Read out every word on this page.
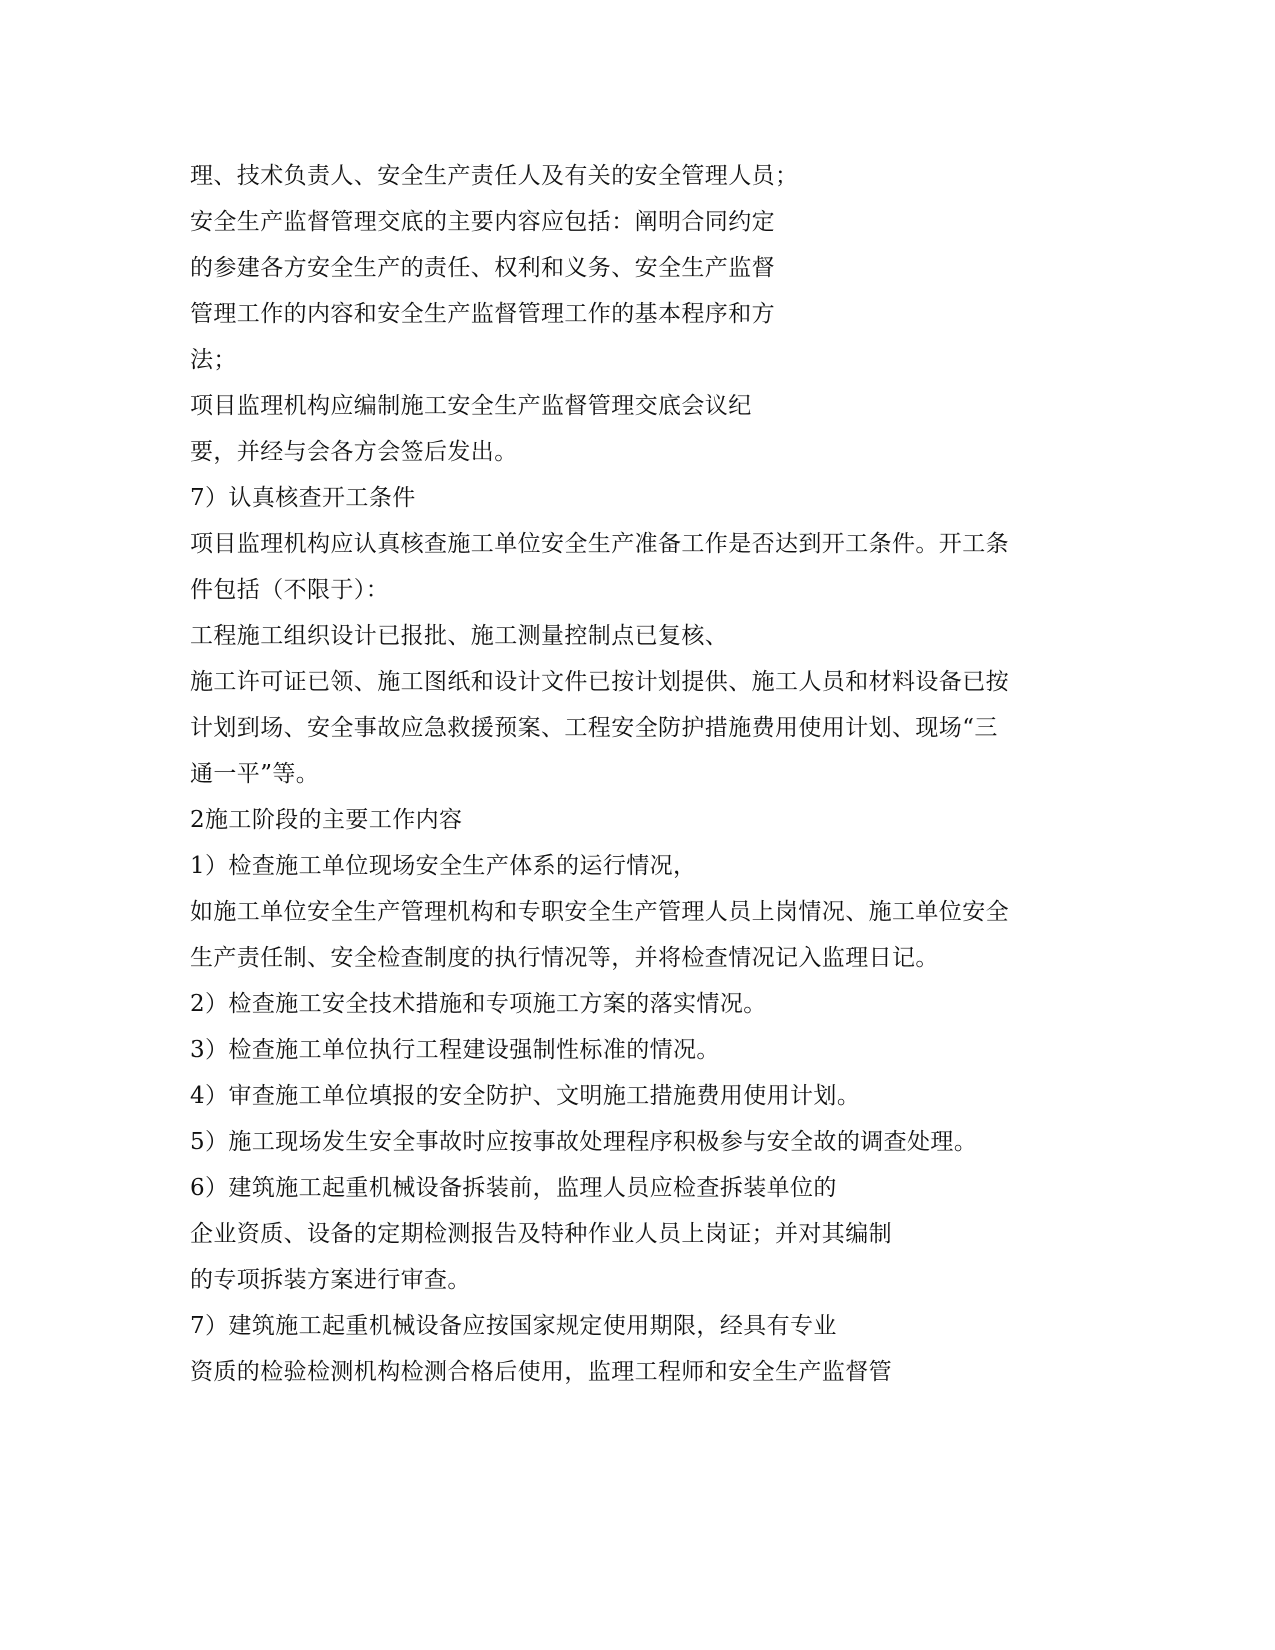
理、技术负责人、安全生产责任人及有关的安全管理人员；

安全生产监督管理交底的主要内容应包括：阐明合同约定

的参建各方安全生产的责任、权利和义务、安全生产监督

管理工作的内容和安全生产监督管理工作的基本程序和方

法；

项目监理机构应编制施工安全生产监督管理交底会议纪

要，并经与会各方会签后发出。

7）认真核查开工条件

项目监理机构应认真核查施工单位安全生产准备工作是否达到开工条件。开工条

件包括（不限于）：

工程施工组织设计已报批、施工测量控制点已复核、

施工许可证已领、施工图纸和设计文件已按计划提供、施工人员和材料设备已按

计划到场、安全事故应急救援预案、工程安全防护措施费用使用计划、现场“三

通一平”等。

2施工阶段的主要工作内容

1）检查施工单位现场安全生产体系的运行情况，

如施工单位安全生产管理机构和专职安全生产管理人员上岗情况、施工单位安全

生产责任制、安全检查制度的执行情况等，并将检查情况记入监理日记。

2）检查施工安全技术措施和专项施工方案的落实情况。

3）检查施工单位执行工程建设强制性标准的情况。

4）审查施工单位填报的安全防护、文明施工措施费用使用计划。

5）施工现场发生安全事故时应按事故处理程序积极参与安全故的调查处理。

6）建筑施工起重机械设备拆装前，监理人员应检查拆装单位的

企业资质、设备的定期检测报告及特种作业人员上岗证；并对其编制

的专项拆装方案进行审查。

7）建筑施工起重机械设备应按国家规定使用期限，经具有专业

资质的检验检测机构检测合格后使用，监理工程师和安全生产监督管
